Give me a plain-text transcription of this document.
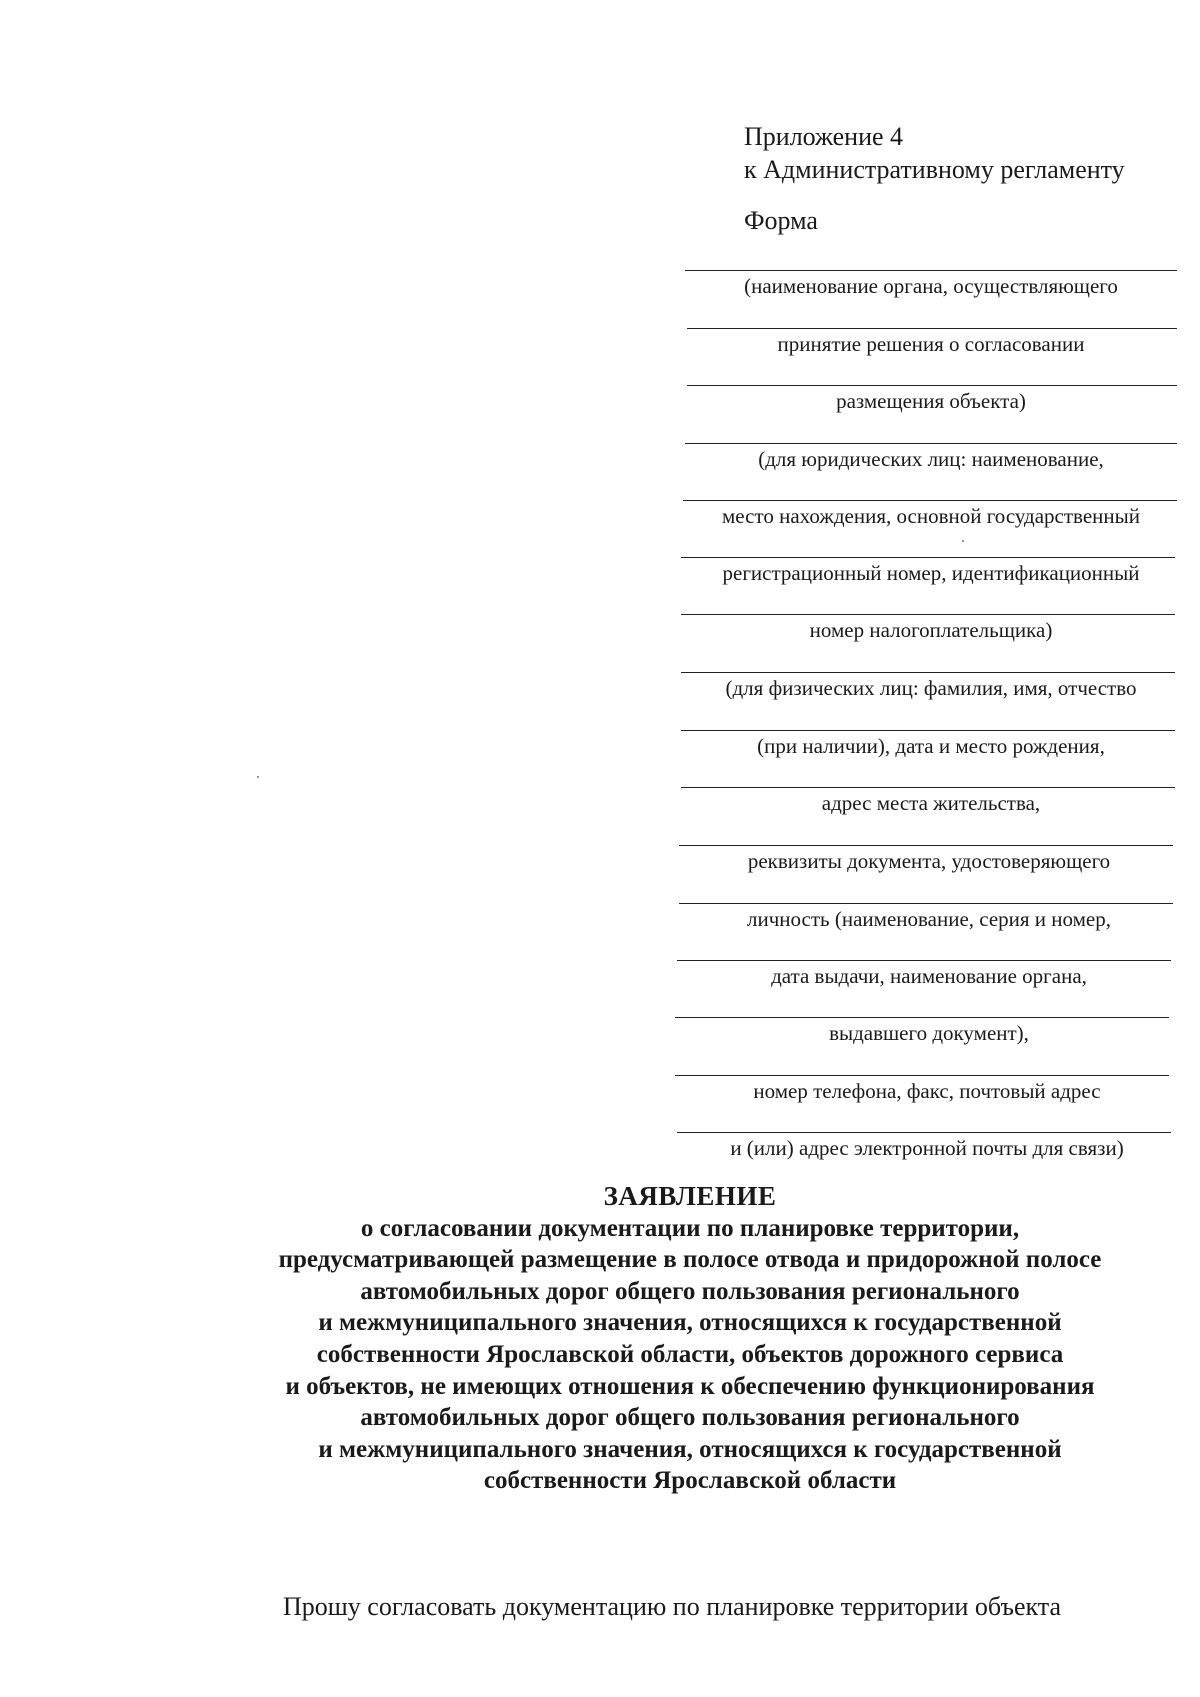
Приложение 4
к Административному регламенту
Форма
(наименование органа, осуществляющего
принятие решения о согласовании
размещения объекта)
(для юридических лиц: наименование,
место нахождения, основной государственный
регистрационный номер, идентификационный
номер налогоплательщика)
(для физических лиц: фамилия, имя, отчество
(при наличии), дата и место рождения,
адрес места жительства,
реквизиты документа, удостоверяющего
личность (наименование, серия и номер,
дата выдачи, наименование органа,
выдавшего документ),
номер телефона, факс, почтовый адрес
и (или) адрес электронной почты для связи)
ЗАЯВЛЕНИЕ
о согласовании документации по планировке территории,
предусматривающей размещение в полосе отвода и придорожной полосе
автомобильных дорог общего пользования регионального
и межмуниципального значения, относящихся к государственной
собственности Ярославской области, объектов дорожного сервиса
и объектов, не имеющих отношения к обеспечению функционирования
автомобильных дорог общего пользования регионального
и межмуниципального значения, относящихся к государственной
собственности Ярославской области
Прошу согласовать документацию по планировке территории объекта
